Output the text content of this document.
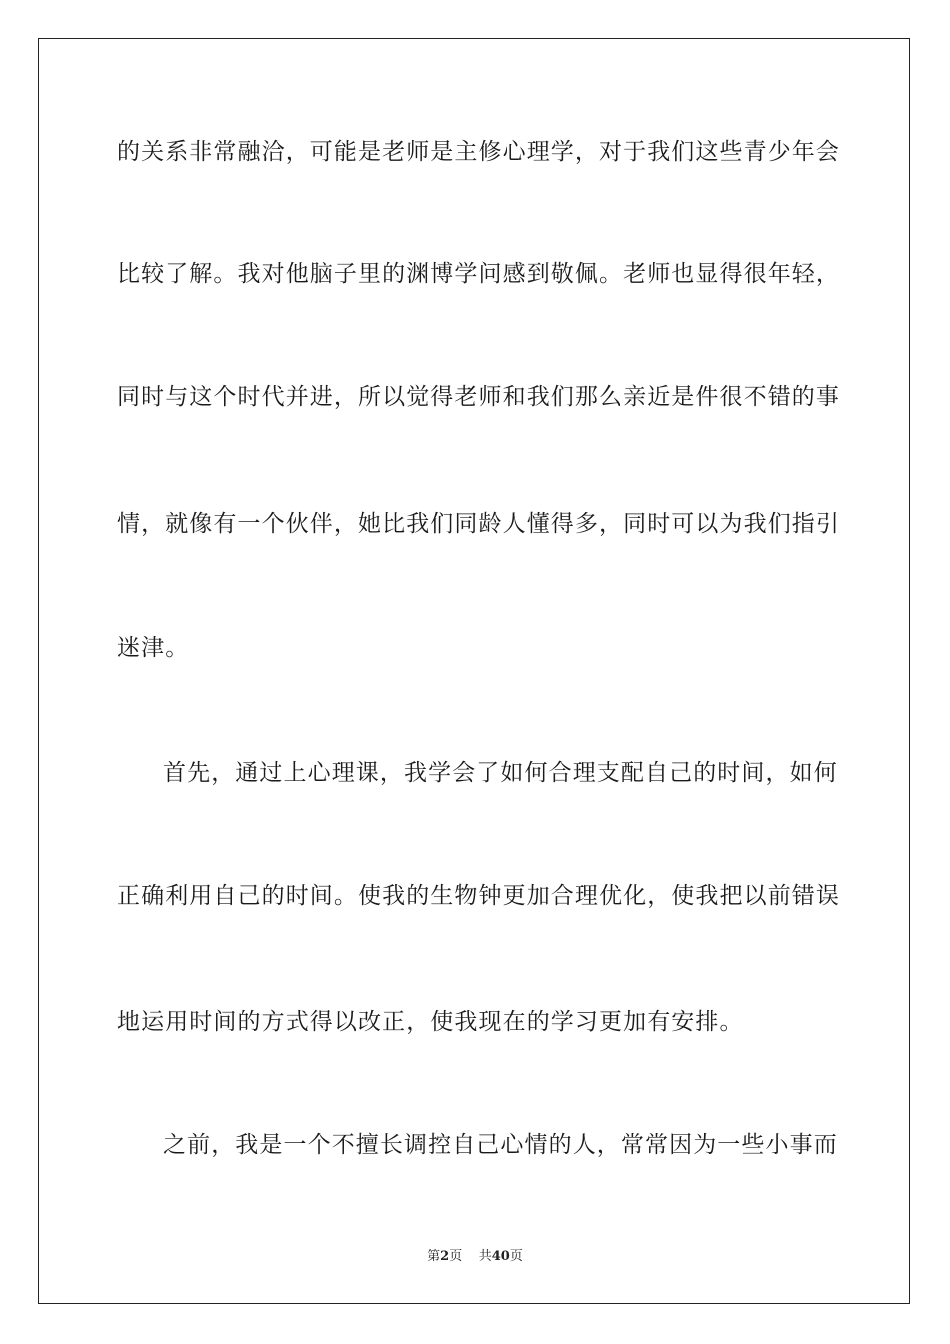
的关系非常融洽，可能是老师是主修心理学，对于我们这些青少年会
比较了解。我对他脑子里的渊博学问感到敬佩。老师也显得很年轻，
同时与这个时代并进，所以觉得老师和我们那么亲近是件很不错的事
情，就像有一个伙伴，她比我们同龄人懂得多，同时可以为我们指引
迷津。
首先，通过上心理课，我学会了如何合理支配自己的时间，如何
正确利用自己的时间。使我的生物钟更加合理优化，使我把以前错误
地运用时间的方式得以改正，使我现在的学习更加有安排。
之前，我是一个不擅长调控自己心情的人，常常因为一些小事而
第2页 共40页
